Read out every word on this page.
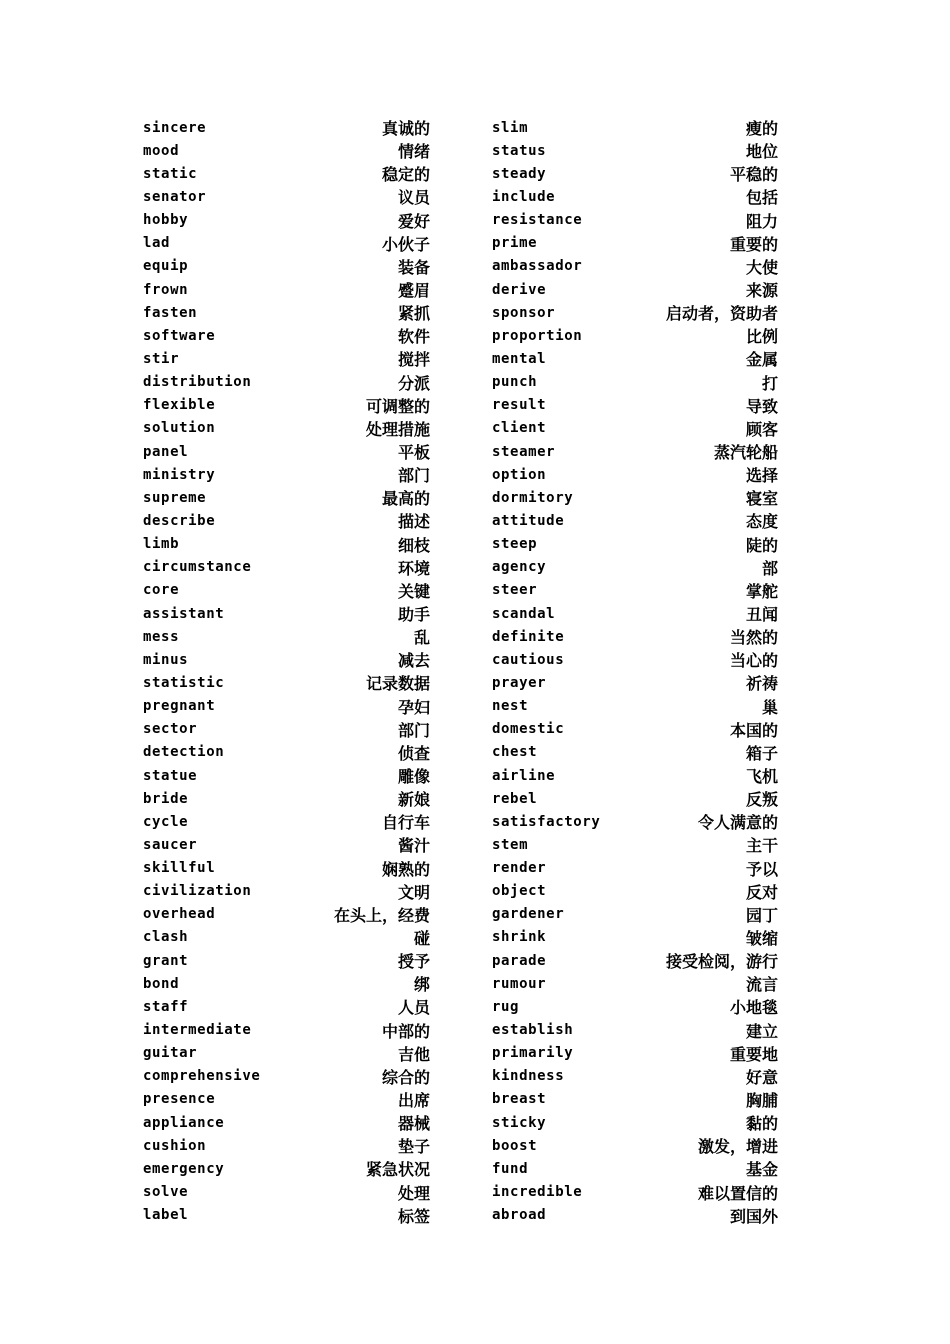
sincere	真诚的
mood	情绪
static	稳定的
senator	议员
hobby	爱好
lad	小伙子
equip	装备
frown	蹙眉
fasten	紧抓
software	软件
stir	搅拌
distribution	分派
flexible	可调整的
solution	处理措施
panel	平板
ministry	部门
supreme	最高的
describe	描述
limb	细枝
circumstance	环境
core	关键
assistant	助手
mess	乱
minus	减去
statistic	记录数据
pregnant	孕妇
sector	部门
detection	侦查
statue	雕像
bride	新娘
cycle	自行车
saucer	酱汁
skillful	娴熟的
civilization	文明
overhead	在头上，经费
clash	碰
grant	授予
bond	绑
staff	人员
intermediate	中部的
guitar	吉他
comprehensive	综合的
presence	出席
appliance	器械
cushion	垫子
emergency	紧急状况
solve	处理
label	标签
slim	瘦的
status	地位
steady	平稳的
include	包括
resistance	阻力
prime	重要的
ambassador	大使
derive	来源
sponsor	启动者，资助者
proportion	比例
mental	金属
punch	打
result	导致
client	顾客
steamer	蒸汽轮船
option	选择
dormitory	寝室
attitude	态度
steep	陡的
agency	部
steer	掌舵
scandal	丑闻
definite	当然的
cautious	当心的
prayer	祈祷
nest	巢
domestic	本国的
chest	箱子
airline	飞机
rebel	反叛
satisfactory	令人满意的
stem	主干
render	予以
object	反对
gardener	园丁
shrink	皱缩
parade	接受检阅，游行
rumour	流言
rug	小地毯
establish	建立
primarily	重要地
kindness	好意
breast	胸脯
sticky	黏的
boost	激发，增进
fund	基金
incredible	难以置信的
abroad	到国外
